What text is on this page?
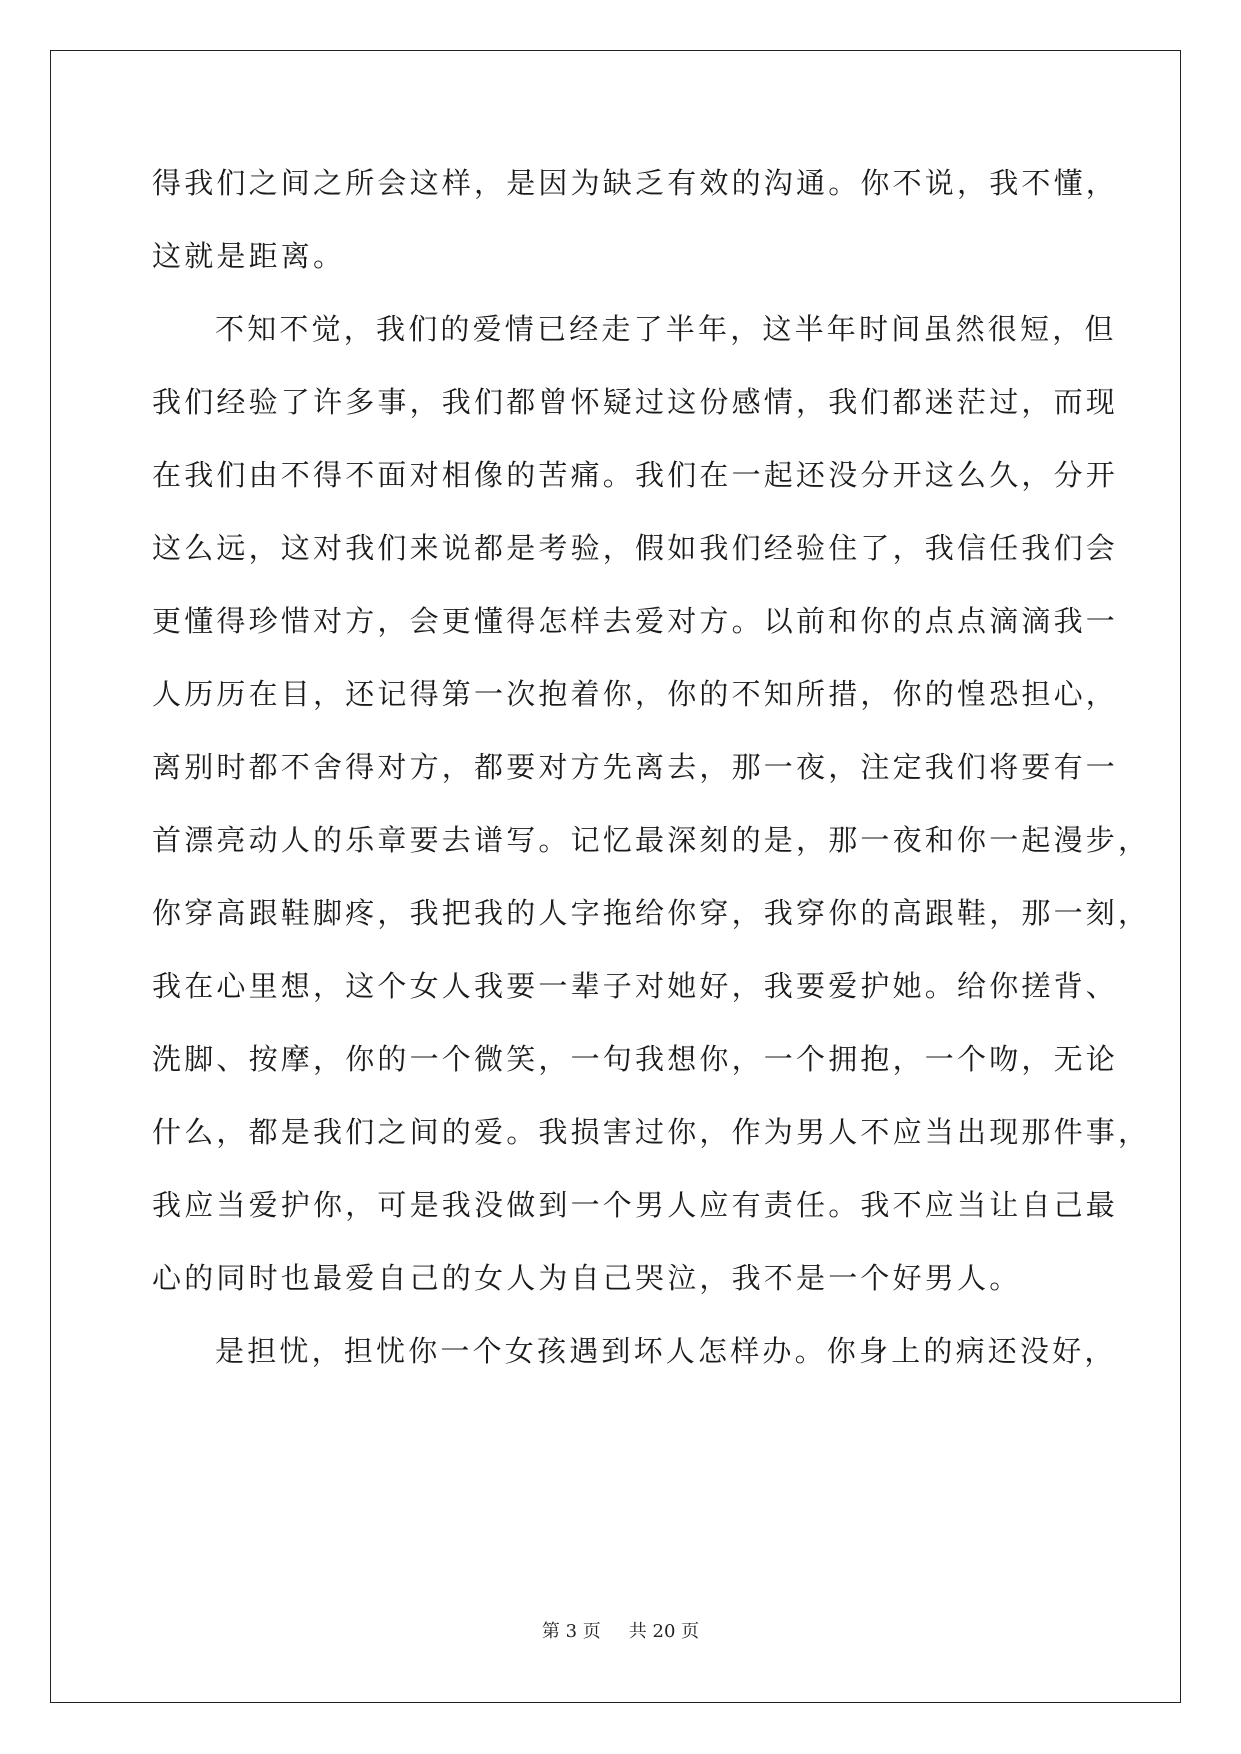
得我们之间之所会这样，是因为缺乏有效的沟通。你不说，我不懂，
这就是距离。
不知不觉，我们的爱情已经走了半年，这半年时间虽然很短，但
我们经验了许多事，我们都曾怀疑过这份感情，我们都迷茫过，而现
在我们由不得不面对相像的苦痛。我们在一起还没分开这么久，分开
这么远，这对我们来说都是考验，假如我们经验住了，我信任我们会
更懂得珍惜对方，会更懂得怎样去爱对方。以前和你的点点滴滴我一
人历历在目，还记得第一次抱着你，你的不知所措，你的惶恐担心，
离别时都不舍得对方，都要对方先离去，那一夜，注定我们将要有一
首漂亮动人的乐章要去谱写。记忆最深刻的是，那一夜和你一起漫步，
你穿高跟鞋脚疼，我把我的人字拖给你穿，我穿你的高跟鞋，那一刻，
我在心里想，这个女人我要一辈子对她好，我要爱护她。给你搓背、
洗脚、按摩，你的一个微笑，一句我想你，一个拥抱，一个吻，无论
什么，都是我们之间的爱。我损害过你，作为男人不应当出现那件事，
我应当爱护你，可是我没做到一个男人应有责任。我不应当让自己最
心的同时也最爱自己的女人为自己哭泣，我不是一个好男人。
是担忧，担忧你一个女孩遇到坏人怎样办。你身上的病还没好，
第 3 页 共 20 页
